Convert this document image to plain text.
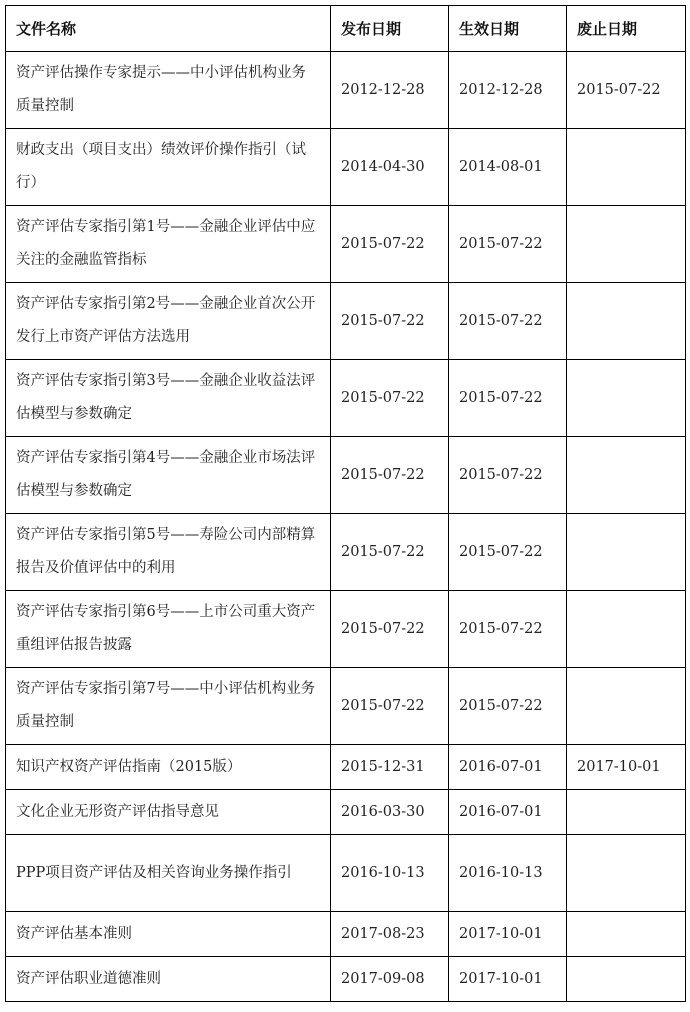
文件名称	发布日期	生效日期	废止日期
资产评估操作专家提示——中小评估机构业务质量控制	2012-12-28	2012-12-28	2015-07-22
财政支出（项目支出）绩效评价操作指引（试行）	2014-04-30	2014-08-01	
资产评估专家指引第1号——金融企业评估中应关注的金融监管指标	2015-07-22	2015-07-22	
资产评估专家指引第2号——金融企业首次公开发行上市资产评估方法选用	2015-07-22	2015-07-22	
资产评估专家指引第3号——金融企业收益法评估模型与参数确定	2015-07-22	2015-07-22	
资产评估专家指引第4号——金融企业市场法评估模型与参数确定	2015-07-22	2015-07-22	
资产评估专家指引第5号——寿险公司内部精算报告及价值评估中的利用	2015-07-22	2015-07-22	
资产评估专家指引第6号——上市公司重大资产重组评估报告披露	2015-07-22	2015-07-22	
资产评估专家指引第7号——中小评估机构业务质量控制	2015-07-22	2015-07-22	
知识产权资产评估指南（2015版）	2015-12-31	2016-07-01	2017-10-01
文化企业无形资产评估指导意见	2016-03-30	2016-07-01	
PPP项目资产评估及相关咨询业务操作指引	2016-10-13	2016-10-13	
资产评估基本准则	2017-08-23	2017-10-01	
资产评估职业道德准则	2017-09-08	2017-10-01	
